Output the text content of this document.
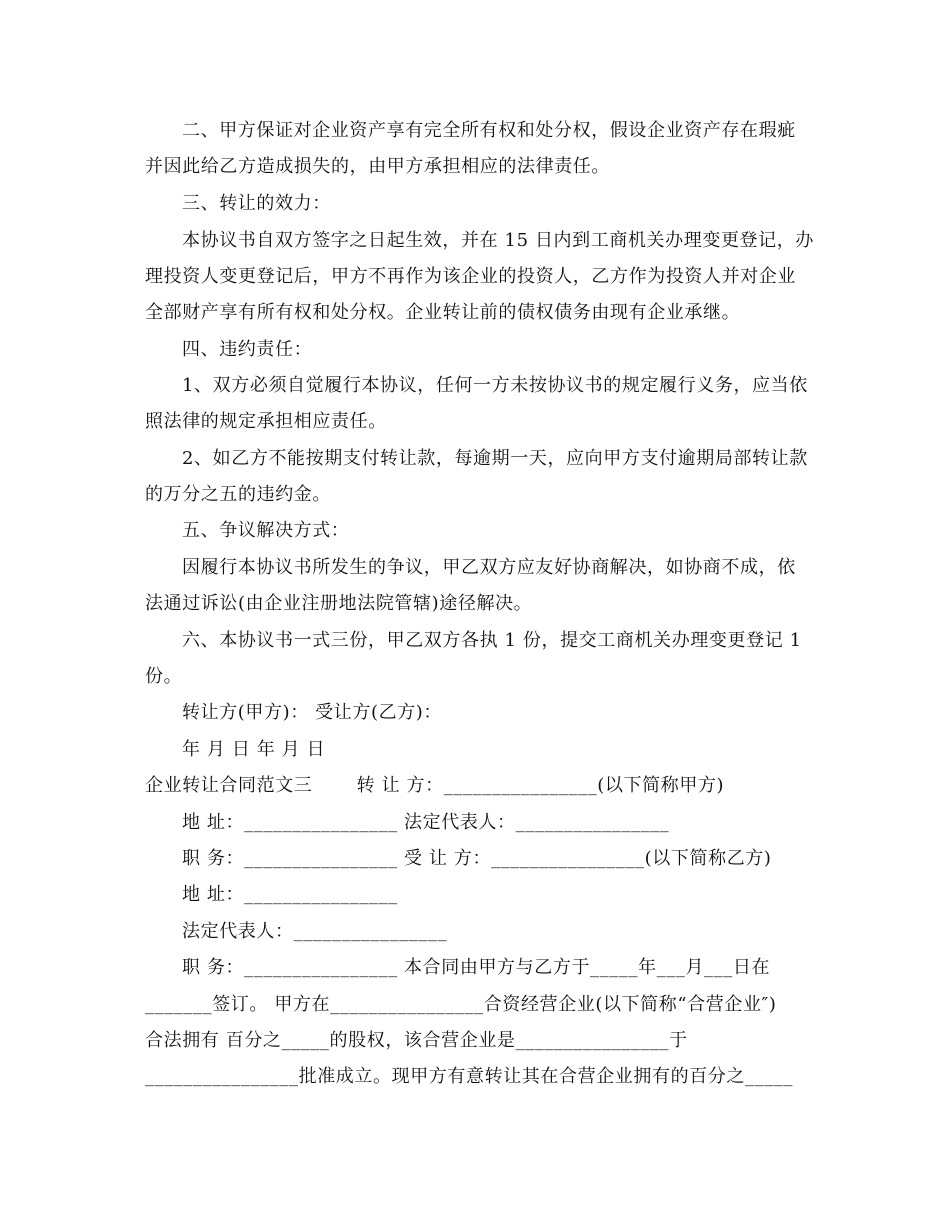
二、甲方保证对企业资产享有完全所有权和处分权，假设企业资产存在瑕疵
并因此给乙方造成损失的，由甲方承担相应的法律责任。
三、转让的效力：
本协议书自双方签字之日起生效，并在 15 日内到工商机关办理变更登记，办
理投资人变更登记后，甲方不再作为该企业的投资人，乙方作为投资人并对企业
全部财产享有所有权和处分权。企业转让前的债权债务由现有企业承继。
四、违约责任：
1、双方必须自觉履行本协议，任何一方未按协议书的规定履行义务，应当依
照法律的规定承担相应责任。
2、如乙方不能按期支付转让款，每逾期一天，应向甲方支付逾期局部转让款
的万分之五的违约金。
五、争议解决方式：
因履行本协议书所发生的争议，甲乙双方应友好协商解决，如协商不成，依
法通过诉讼(由企业注册地法院管辖)途径解决。
六、本协议书一式三份，甲乙双方各执 1 份，提交工商机关办理变更登记 1
份。
转让方(甲方)： 受让方(乙方)：
年 月 日 年 月 日
企业转让合同范文三       转 让 方：________________(以下简称甲方)
地 址：________________ 法定代表人：________________
职 务：________________ 受 让 方：________________(以下简称乙方)
地 址：________________
法定代表人：________________
职 务：________________ 本合同由甲方与乙方于_____年___月___日在
_______签订。 甲方在________________合资经营企业(以下简称“合营企业″)
合法拥有 百分之_____的股权，该合营企业是________________于
________________批准成立。现甲方有意转让其在合营企业拥有的百分之_____
